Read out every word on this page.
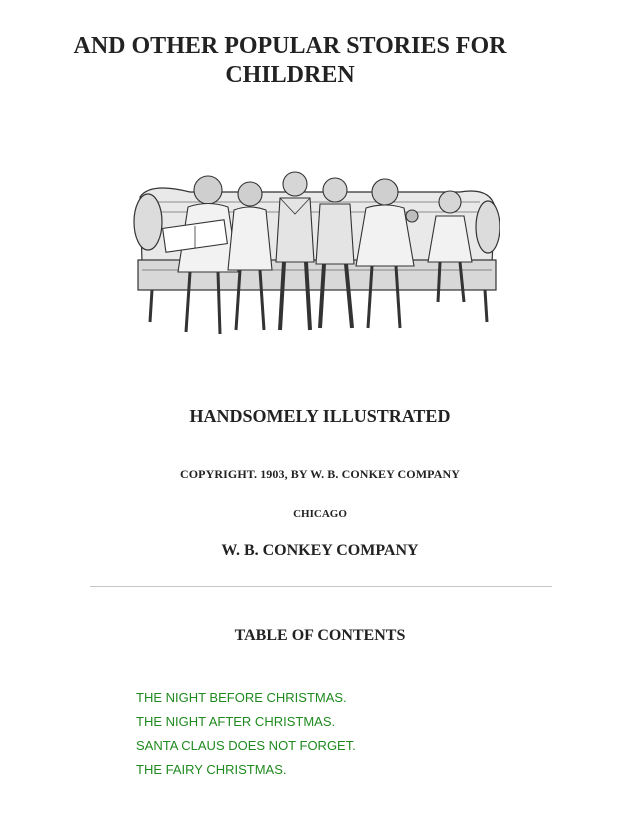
AND OTHER POPULAR STORIES FOR CHILDREN
HANDSOMELY ILLUSTRATED
COPYRIGHT. 1903, BY W. B. CONKEY COMPANY
CHICAGO
W. B. CONKEY COMPANY
TABLE OF CONTENTS
THE NIGHT BEFORE CHRISTMAS.
THE NIGHT AFTER CHRISTMAS.
SANTA CLAUS DOES NOT FORGET.
THE FAIRY CHRISTMAS.
